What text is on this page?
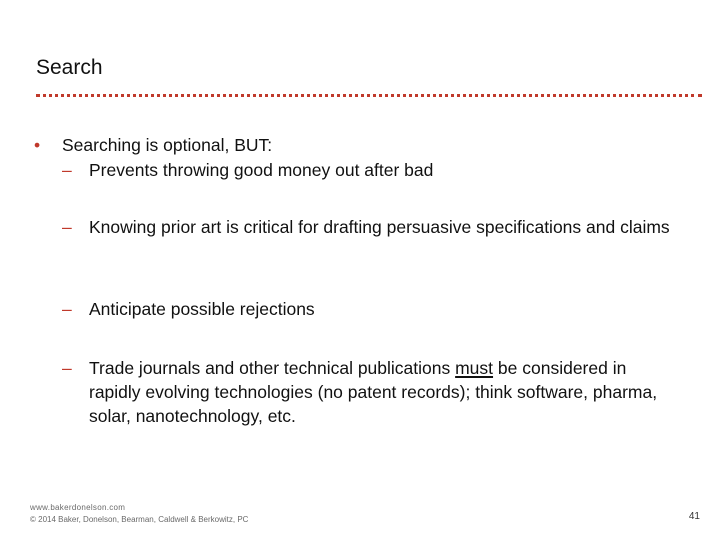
Search
• Searching is optional, BUT:
– Prevents throwing good money out after bad
– Knowing prior art is critical for drafting persuasive specifications and claims
– Anticipate possible rejections
– Trade journals and other technical publications must be considered in rapidly evolving technologies (no patent records); think software, pharma, solar, nanotechnology, etc.
www.bakerdonelson.com
© 2014 Baker, Donelson, Bearman, Caldwell & Berkowitz, PC	41
